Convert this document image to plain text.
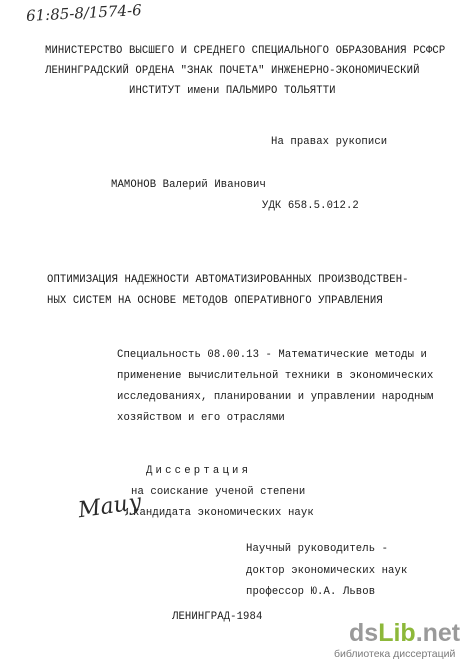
61:85-8/1574-6
МИНИСТЕРСТВО ВЫСШЕГО И СРЕДНЕГО СПЕЦИАЛЬНОГО ОБРАЗОВАНИЯ РСФСР
ЛЕНИНГРАДСКИЙ ОРДЕНА "ЗНАК ПОЧЕТА" ИНЖЕНЕРНО-ЭКОНОМИЧЕСКИЙ
ИНСТИТУТ имени ПАЛЬМИРО ТОЛЬЯТТИ
На правах рукописи
МАМОНОВ Валерий Иванович
УДК 658.5.012.2
ОПТИМИЗАЦИЯ НАДЕЖНОСТИ АВТОМАТИЗИРОВАННЫХ ПРОИЗВОДСТВЕН-
НЫХ СИСТЕМ НА ОСНОВЕ МЕТОДОВ ОПЕРАТИВНОГО УПРАВЛЕНИЯ
Специальность 08.00.13 - Математические методы и
применение вычислительной техники в экономических
исследованиях, планировании и управлении народным
хозяйством и его отраслями
Диссертация
на соискание ученой степени
кандидата экономических наук
Мацу
Научный руководитель -
доктор экономических наук
профессор Ю.А. Львов
ЛЕНИНГРАД-1984
dsLib.net
библиотека диссертаций
